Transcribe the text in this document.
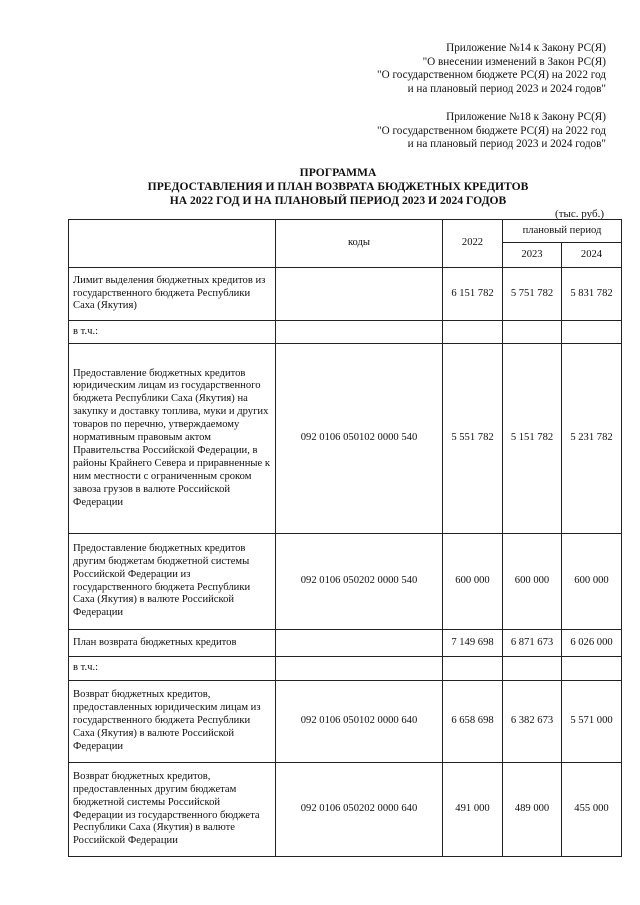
Приложение №14 к Закону РС(Я)
"О внесении изменений в Закон РС(Я)
"О государственном бюджете РС(Я) на 2022 год
и на плановый период 2023 и 2024 годов"
Приложение №18 к Закону РС(Я)
"О государственном бюджете РС(Я) на 2022 год
и на плановый период 2023 и 2024 годов"
ПРОГРАММА
ПРЕДОСТАВЛЕНИЯ И ПЛАН ВОЗВРАТА БЮДЖЕТНЫХ КРЕДИТОВ
НА 2022 ГОД И НА ПЛАНОВЫЙ ПЕРИОД 2023 И 2024 ГОДОВ
(тыс. руб.)
	коды	2022	плановый период	
			2023	2024
Лимит выделения бюджетных кредитов из государственного бюджета Республики Саха (Якутия)		6 151 782	5 751 782	5 831 782
в т.ч.:				
Предоставление бюджетных кредитов юридическим лицам из государственного бюджета Республики Саха (Якутия) на закупку и доставку топлива, муки и других товаров по перечню, утверждаемому нормативным правовым актом Правительства Российской Федерации, в районы Крайнего Севера и приравненные к ним местности с ограниченным сроком завоза грузов в валюте Российской Федерации	092 0106 050102 0000 540	5 551 782	5 151 782	5 231 782
Предоставление бюджетных кредитов другим бюджетам бюджетной системы Российской Федерации из государственного бюджета Республики Саха (Якутия) в валюте Российской Федерации	092 0106 050202 0000 540	600 000	600 000	600 000
План возврата бюджетных кредитов		7 149 698	6 871 673	6 026 000
в т.ч.:				
Возврат бюджетных кредитов, предоставленных юридическим лицам из государственного бюджета Республики Саха (Якутия) в валюте Российской Федерации	092 0106 050102 0000 640	6 658 698	6 382 673	5 571 000
Возврат бюджетных кредитов, предоставленных другим бюджетам бюджетной системы Российской Федерации из государственного бюджета Республики Саха (Якутия) в валюте Российской Федерации	092 0106 050202 0000 640	491 000	489 000	455 000
